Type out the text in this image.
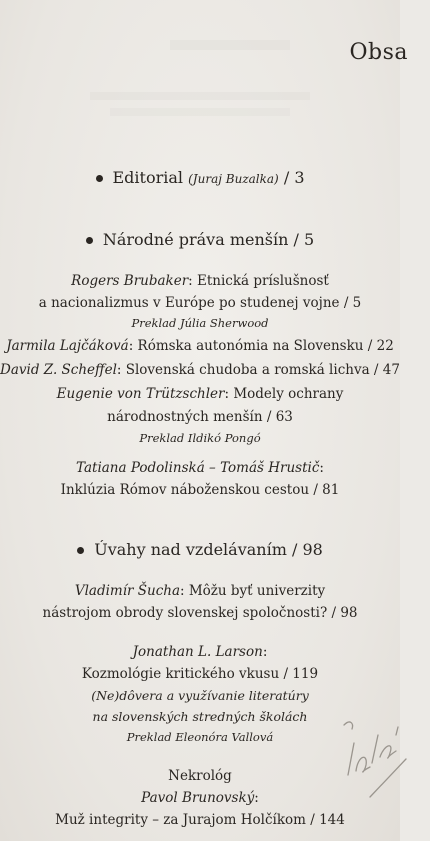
Obsa
Editorial (Juraj Buzalka) / 3
Národné práva menšín / 5
Rogers Brubaker: Etnická príslušnosť
a nacionalizmus v Európe po studenej vojne / 5
Preklad Júlia Sherwood
Jarmila Lajčáková: Rómska autonómia na Slovensku / 22
David Z. Scheffel: Slovenská chudoba a romská lichva / 47
Eugenie von Trützschler: Modely ochrany
národnostných menšín / 63
Preklad Ildikó Pongó
Tatiana Podolinská – Tomáš Hrustič:
Inklúzia Rómov náboženskou cestou / 81
Úvahy nad vzdelávaním / 98
Vladimír Šucha: Môžu byť univerzity
nástrojom obrody slovenskej spoločnosti? / 98
Jonathan L. Larson:
Kozmológie kritického vkusu / 119
(Ne)dôvera a využívanie literatúry
na slovenských stredných školách
Preklad Eleonóra Vallová
Nekrológ
Pavol Brunovský:
Muž integrity – za Jurajom Holčíkom / 144
